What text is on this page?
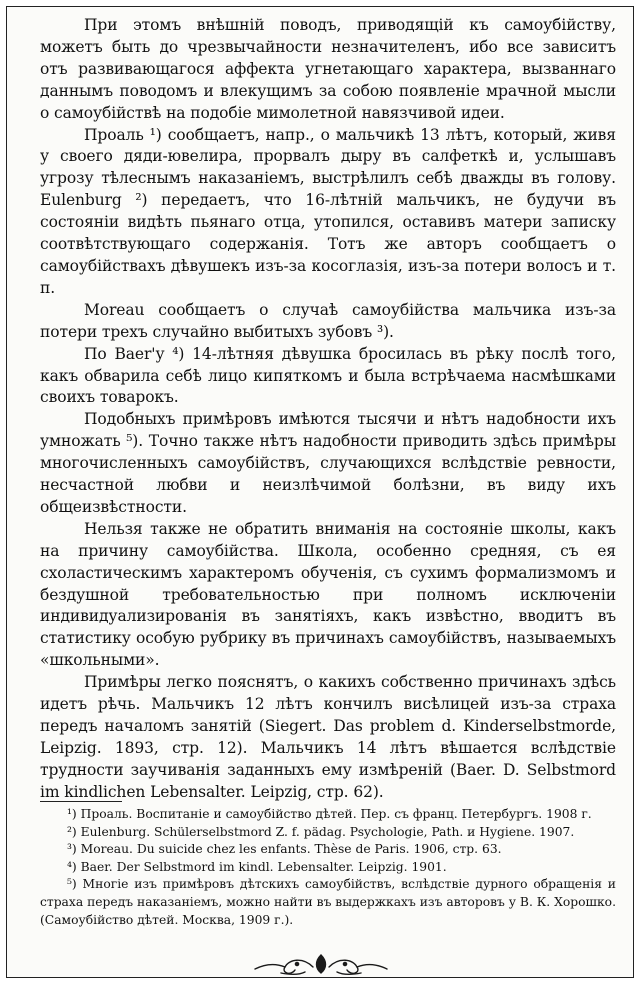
При этомъ внѣшній поводъ, приводящій къ самоубійству, можетъ быть до чрезвычайности незначителенъ, ибо все зависитъ отъ развивающагося аффекта угнетающаго характера, вызваннаго даннымъ поводомъ и влекущимъ за собою появленіе мрачной мысли о самоубійствѣ на подобіе мимолетной навязчивой идеи.

Проаль ¹) сообщаетъ, напр., о мальчикѣ 13 лѣтъ, который, живя у своего дяди-ювелира, прорвалъ дыру въ салфеткѣ и, услышавъ угрозу тѣлеснымъ наказаніемъ, выстрѣлилъ себѣ дважды въ голову. Eulenburg ²) передаетъ, что 16-лѣтній мальчикъ, не будучи въ состояніи видѣть пьянаго отца, утопился, оставивъ матери записку соотвѣтствующаго содержанія. Тотъ же авторъ сообщаетъ о самоубійствахъ дѣвушекъ изъ-за косоглазія, изъ-за потери волосъ и т. п.

Moreau сообщаетъ о случаѣ самоубійства мальчика изъ-за потери трехъ случайно выбитыхъ зубовъ ³).

По Baer'у ⁴) 14-лѣтняя дѣвушка бросилась въ рѣку послѣ того, какъ обварила себѣ лицо кипяткомъ и была встрѣчаема насмѣшками своихъ товарокъ.

Подобныхъ примѣровъ имѣются тысячи и нѣтъ надобности ихъ умножать ⁵). Точно также нѣтъ надобности приводить здѣсь примѣры многочисленныхъ самоубійствъ, случающихся вслѣдствіе ревности, несчастной любви и неизлѣчимой болѣзни, въ виду ихъ общеизвѣстности.

Нельзя также не обратить вниманія на состояніе школы, какъ на причину самоубійства. Школа, особенно средняя, съ ея схоластическимъ характеромъ обученія, съ сухимъ формализмомъ и бездушной требовательностью при полномъ исключеніи индивидуализированія въ занятіяхъ, какъ извѣстно, вводитъ въ статистику особую рубрику въ причинахъ самоубійствъ, называемыхъ «школьными».

Примѣры легко пояснятъ, о какихъ собственно причинахъ здѣсь идетъ рѣчь. Мальчикъ 12 лѣтъ кончилъ висѣлицей изъ-за страха передъ началомъ занятій (Siegert. Das problem d. Kinderselbstmorde, Leipzig. 1893, стр. 12). Мальчикъ 14 лѣтъ вѣшается вслѣдствіе трудности заучиванія заданныхъ ему измѣреній (Baer. D. Selbstmord im kindlichen Lebensalter. Leipzig, стр. 62).

¹) Проаль. Воспитаніе и самоубійство дѣтей. Пер. съ франц. Петербургъ. 1908 г.

²) Eulenburg. Schülerselbstmord Z. f. pädag. Psychologie, Path. и Hygiene. 1907.

³) Moreau. Du suicide chez les enfants. Thèse de Paris. 1906, стр. 63.

⁴) Baer. Der Selbstmord im kindl. Lebensalter. Leipzig. 1901.

⁵) Многіе изъ примѣровъ дѣтскихъ самоубійствъ, вслѣдствіе дурного обращенія и страха передъ наказаніемъ, можно найти въ выдержкахъ изъ авторовъ у В. К. Хорошко. (Самоубійство дѣтей. Москва, 1909 г.).
